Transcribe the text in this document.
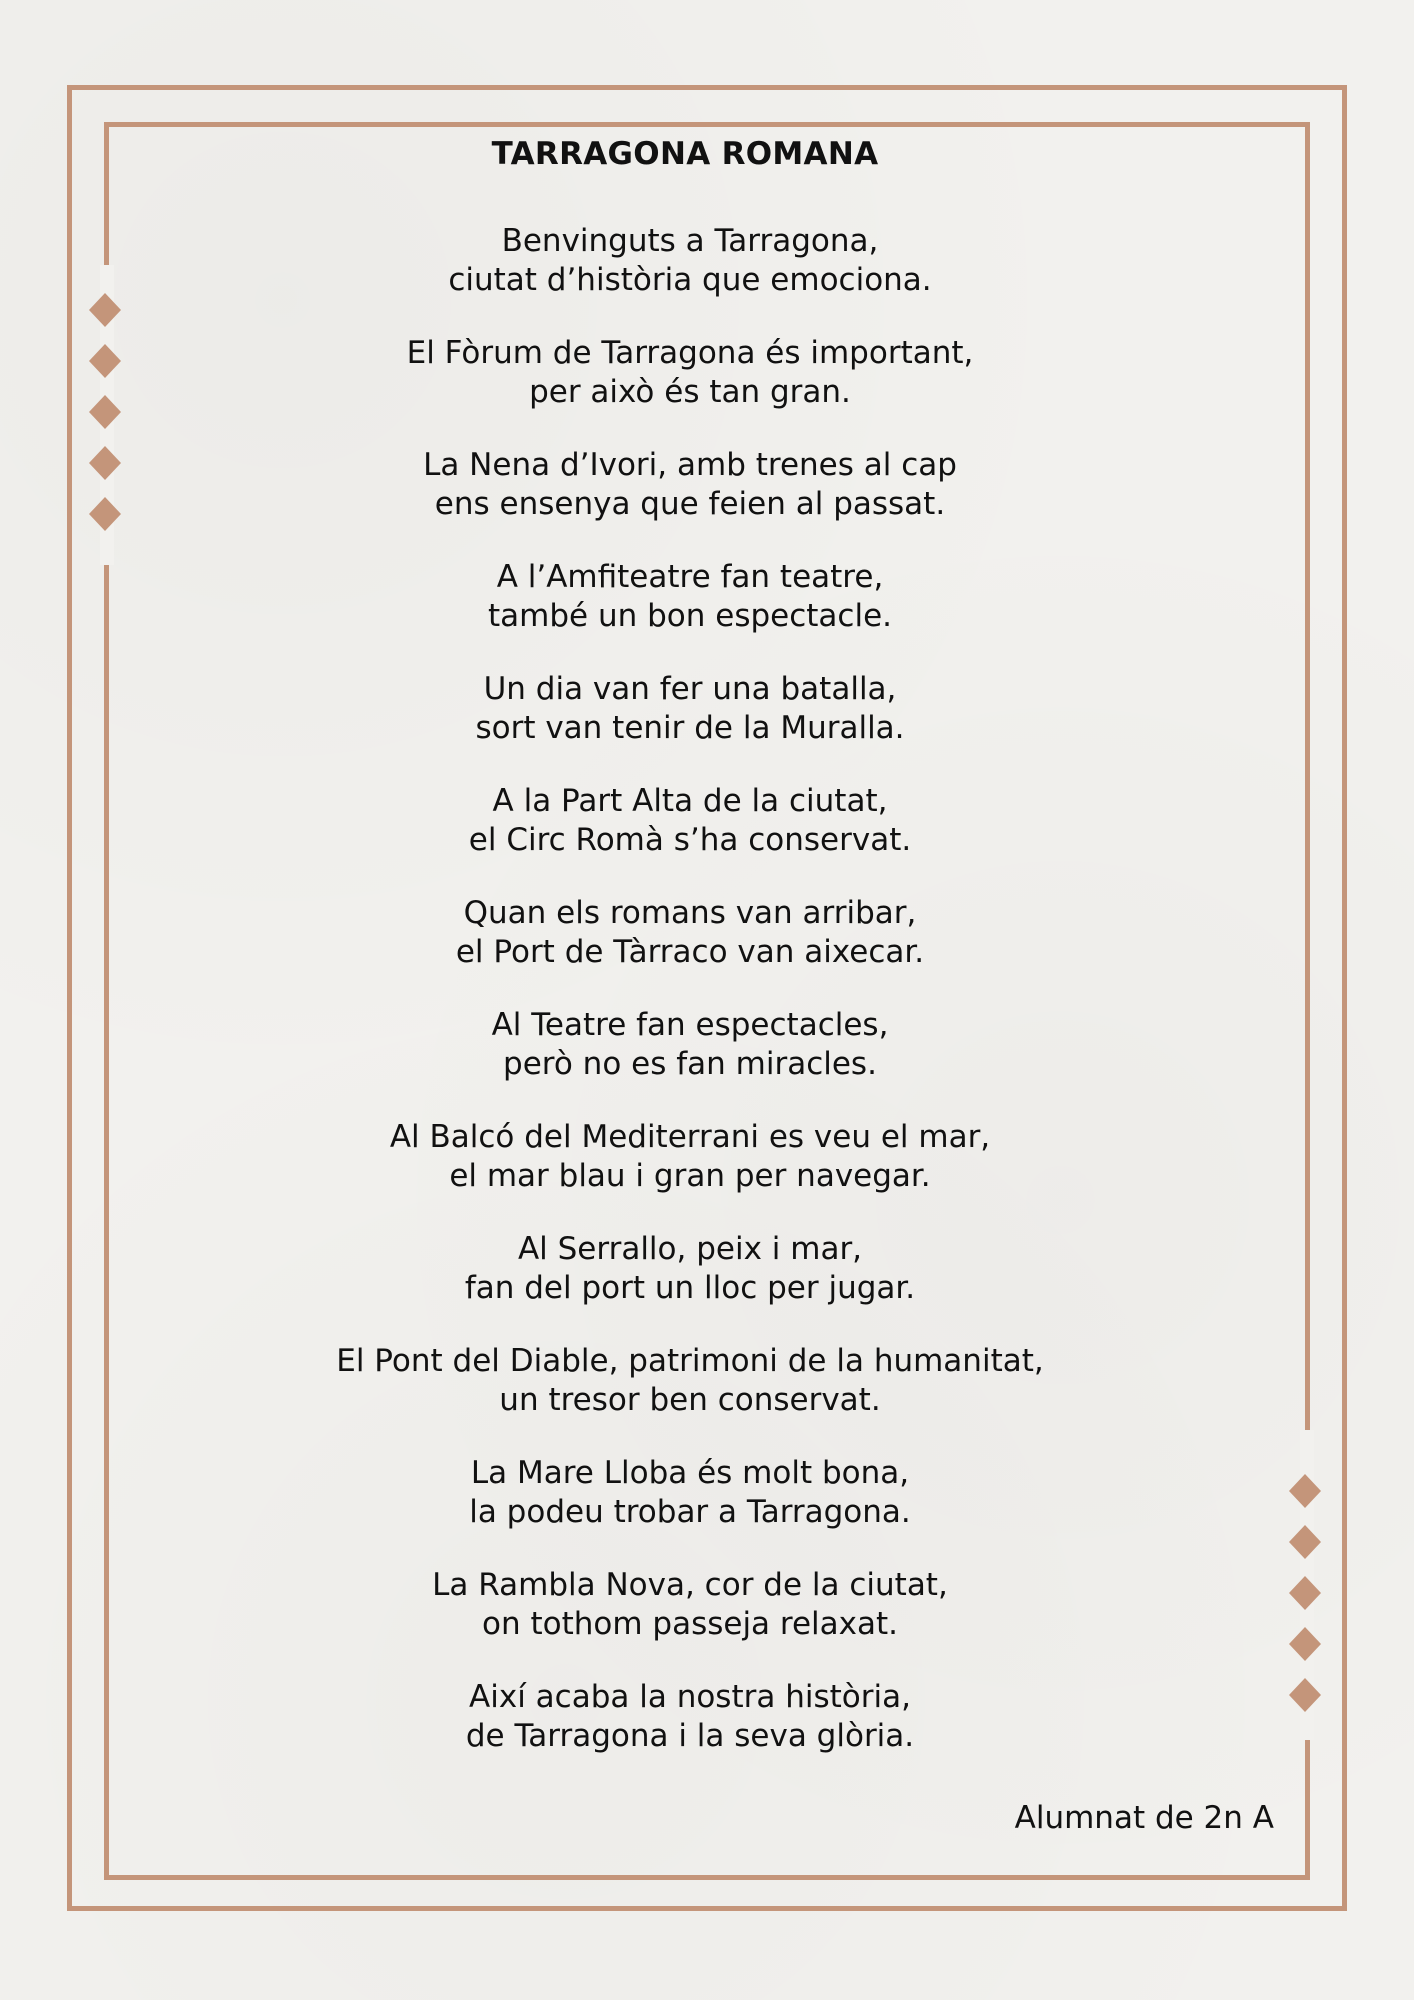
TARRAGONA ROMANA
Benvinguts a Tarragona,
ciutat d’història que emociona.
El Fòrum de Tarragona és important,
per això és tan gran.
La Nena d’Ivori, amb trenes al cap
ens ensenya que feien al passat.
A l’Amfiteatre fan teatre,
també un bon espectacle.
Un dia van fer una batalla,
sort van tenir de la Muralla.
A la Part Alta de la ciutat,
el Circ Romà s’ha conservat.
Quan els romans van arribar,
el Port de Tàrraco van aixecar.
Al Teatre fan espectacles,
però no es fan miracles.
Al Balcó del Mediterrani es veu el mar,
el mar blau i gran per navegar.
Al Serrallo, peix i mar,
fan del port un lloc per jugar.
El Pont del Diable, patrimoni de la humanitat,
un tresor ben conservat.
La Mare Lloba és molt bona,
la podeu trobar a Tarragona.
La Rambla Nova, cor de la ciutat,
on tothom passeja relaxat.
Així acaba la nostra història,
de Tarragona i la seva glòria.
Alumnat de 2n A
